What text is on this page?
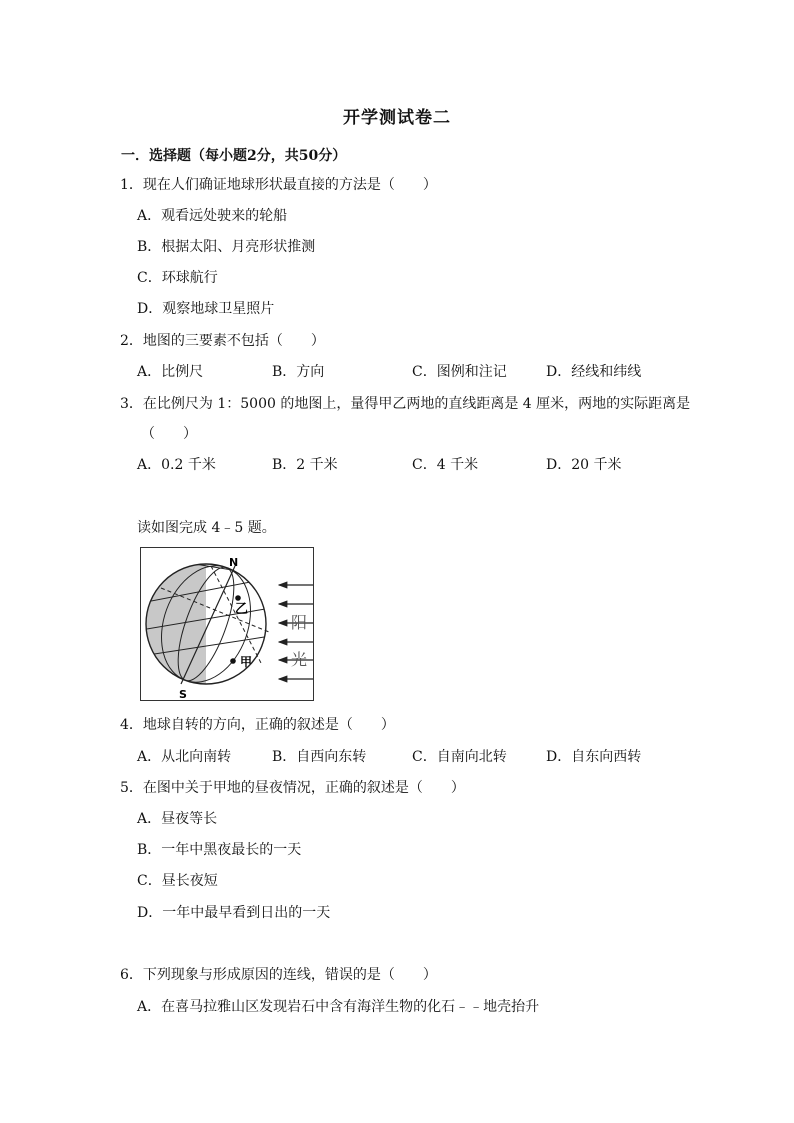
开学测试卷二
一．选择题（每小题2分，共50分）
1．现在人们确证地球形状最直接的方法是（　　）
A．观看远处驶来的轮船
B．根据太阳、月亮形状推测
C．环球航行
D．观察地球卫星照片
2．地图的三要素不包括（　　）
A．比例尺	B．方向	C．图例和注记	D．经线和纬线
3．在比例尺为 1：5000 的地图上，量得甲乙两地的直线距离是 4 厘米，两地的实际距离是
（　　）
A．0.2 千米	B．2 千米	C．4 千米	D．20 千米
读如图完成 4﹣5 题。
N
S
乙
甲
阳
光
4．地球自转的方向，正确的叙述是（　　）
A．从北向南转	B．自西向东转	C．自南向北转	D．自东向西转
5．在图中关于甲地的昼夜情况，正确的叙述是（　　）
A．昼夜等长
B．一年中黑夜最长的一天
C．昼长夜短
D．一年中最早看到日出的一天
6．下列现象与形成原因的连线，错误的是（　　）
A．在喜马拉雅山区发现岩石中含有海洋生物的化石﹣﹣地壳抬升
